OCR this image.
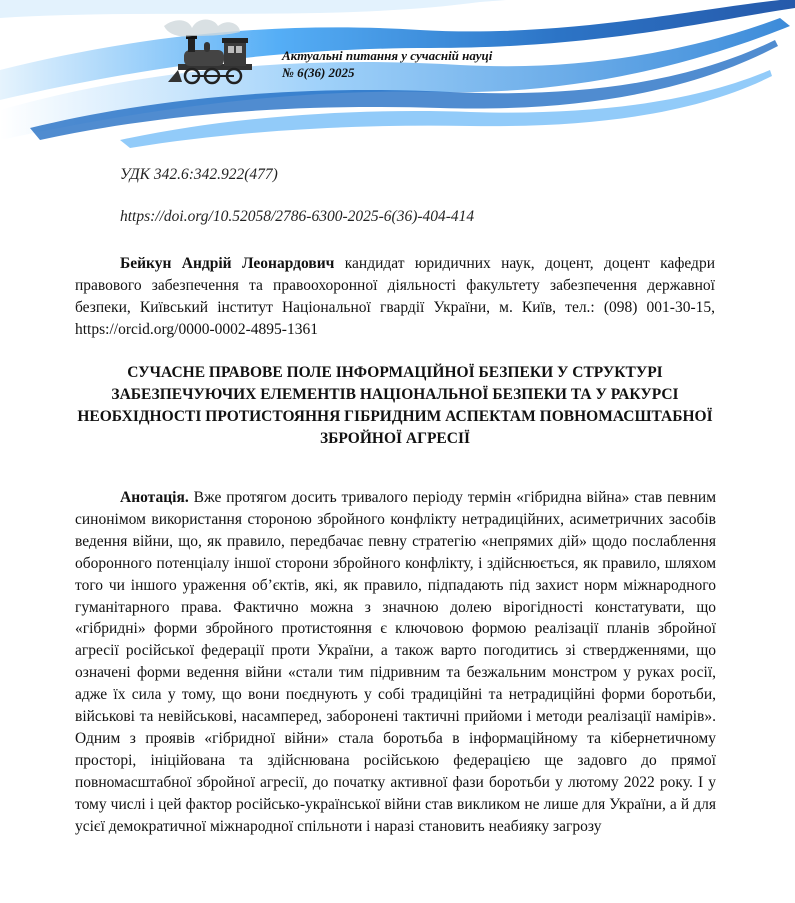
Актуальні питання у сучасній науці
№ 6(36) 2025
УДК 342.6:342.922(477)
https://doi.org/10.52058/2786-6300-2025-6(36)-404-414
Бейкун Андрій Леонардович кандидат юридичних наук, доцент, доцент кафедри правового забезпечення та правоохоронної діяльності факультету забезпечення державної безпеки, Київський інститут Національної гвардії України, м. Київ, тел.: (098) 001-30-15, https://orcid.org/0000-0002-4895-1361
СУЧАСНЕ ПРАВОВЕ ПОЛЕ ІНФОРМАЦІЙНОЇ БЕЗПЕКИ У СТРУКТУРІ ЗАБЕЗПЕЧУЮЧИХ ЕЛЕМЕНТІВ НАЦІОНАЛЬНОЇ БЕЗПЕКИ ТА У РАКУРСІ НЕОБХІДНОСТІ ПРОТИСТОЯННЯ ГІБРИДНИМ АСПЕКТАМ ПОВНОМАСШТАБНОЇ ЗБРОЙНОЇ АГРЕСІЇ
Анотація. Вже протягом досить тривалого періоду термін «гібридна війна» став певним синонімом використання стороною збройного конфлікту нетрадиційних, асиметричних засобів ведення війни, що, як правило, передбачає певну стратегію «непрямих дій» щодо послаблення оборонного потенціалу іншої сторони збройного конфлікту, і здійснюється, як правило, шляхом того чи іншого ураження об’єктів, які, як правило, підпадають під захист норм міжнародного гуманітарного права. Фактично можна з значною долею вірогідності констатувати, що «гібридні» форми збройного протистояння є ключовою формою реалізації планів збройної агресії російської федерації проти України, а також варто погодитись зі ствердженнями, що означені форми ведення війни «стали тим підривним та безжальним монстром у руках росії, адже їх сила у тому, що вони поєднують у собі традиційні та нетрадиційні форми боротьби, військові та невійськові, насамперед, заборонені тактичні прийоми і методи реалізації намірів». Одним з проявів «гібридної війни» стала боротьба в інформаційному та кібернетичному просторі, ініційована та здійснювана російською федерацією ще задовго до прямої повномасштабної збройної агресії, до початку активної фази боротьби у лютому 2022 року. І у тому числі і цей фактор російсько-української війни став викликом не лише для України, а й для усієї демократичної міжнародної спільноти і наразі становить неабияку загрозу
